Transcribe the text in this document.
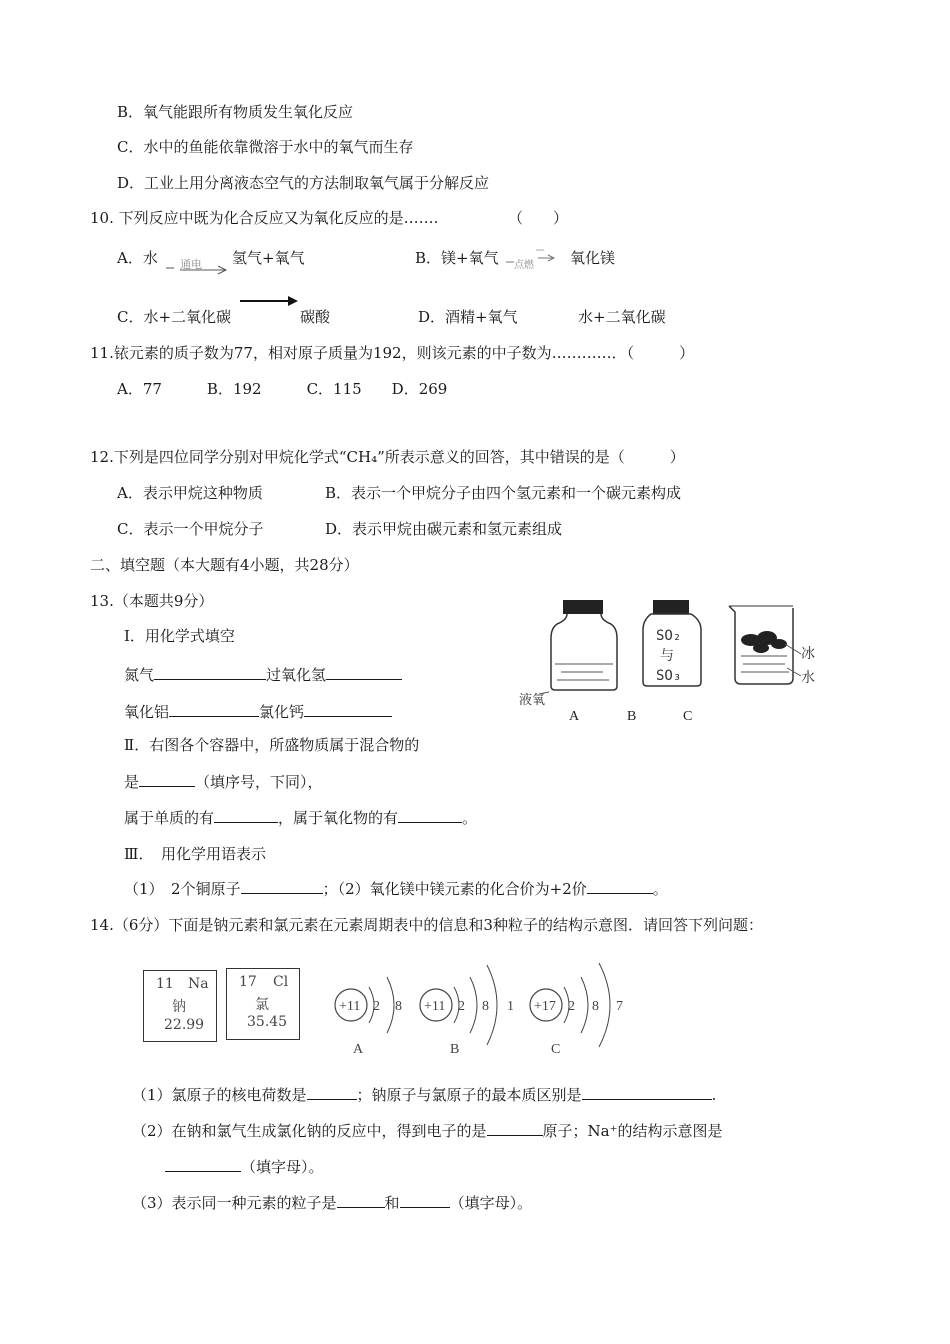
B．氧气能跟所有物质发生氧化反应
C．水中的鱼能依靠微溶于水中的氧气而生存
D．工业上用分离液态空气的方法制取氧气属于分解反应
10. 下列反应中既为化合反应又为氧化反应的是…….	（　　）
A．水 通电 氢气+氧气	B．镁+氧气 点燃 氧化镁
C．水+二氧化碳	碳酸	D．酒精+氧气	水+二氧化碳
11.铱元素的质子数为77，相对原子质量为192，则该元素的中子数为…………．（　　　）
A．77　　　B．192　　　C．115　　D．269
12.下列是四位同学分别对甲烷化学式“CH₄”所表示意义的回答，其中错误的是（　　　）
A．表示甲烷这种物质	B．表示一个甲烷分子由四个氢元素和一个碳元素构成
C．表示一个甲烷分子	D．表示甲烷由碳元素和氢元素组成
二、填空题（本大题有4小题，共28分）
13.（本题共9分）
Ⅰ．用化学式填空
氮气	过氧化氢
氧化铝	氯化钙
Ⅱ．右图各个容器中，所盛物质属于混合物的
是	（填序号，下同），
属于单质的有	，属于氧化物的有	。
Ⅲ．　用化学用语表示
（1）　2个铜原子	；（2）氧化镁中镁元素的化合价为+2价	。
SO₂
与
SO₃
冰
水
液氧
A	B	C
14.（6分）下面是钠元素和氯元素在元素周期表中的信息和3种粒子的结构示意图．请回答下列问题：
11 Na
钠
22.99
17 Cl
氯
35.45
+11 2 8
A
+11 2 8 1
B
+17 2 8 7
C
（1）氯原子的核电荷数是	；钠原子与氯原子的最本质区别是	.
（2）在钠和氯气生成氯化钠的反应中，得到电子的是	原子；Na⁺的结构示意图是
（填字母）。
（3）表示同一种元素的粒子是	和	（填字母）。
